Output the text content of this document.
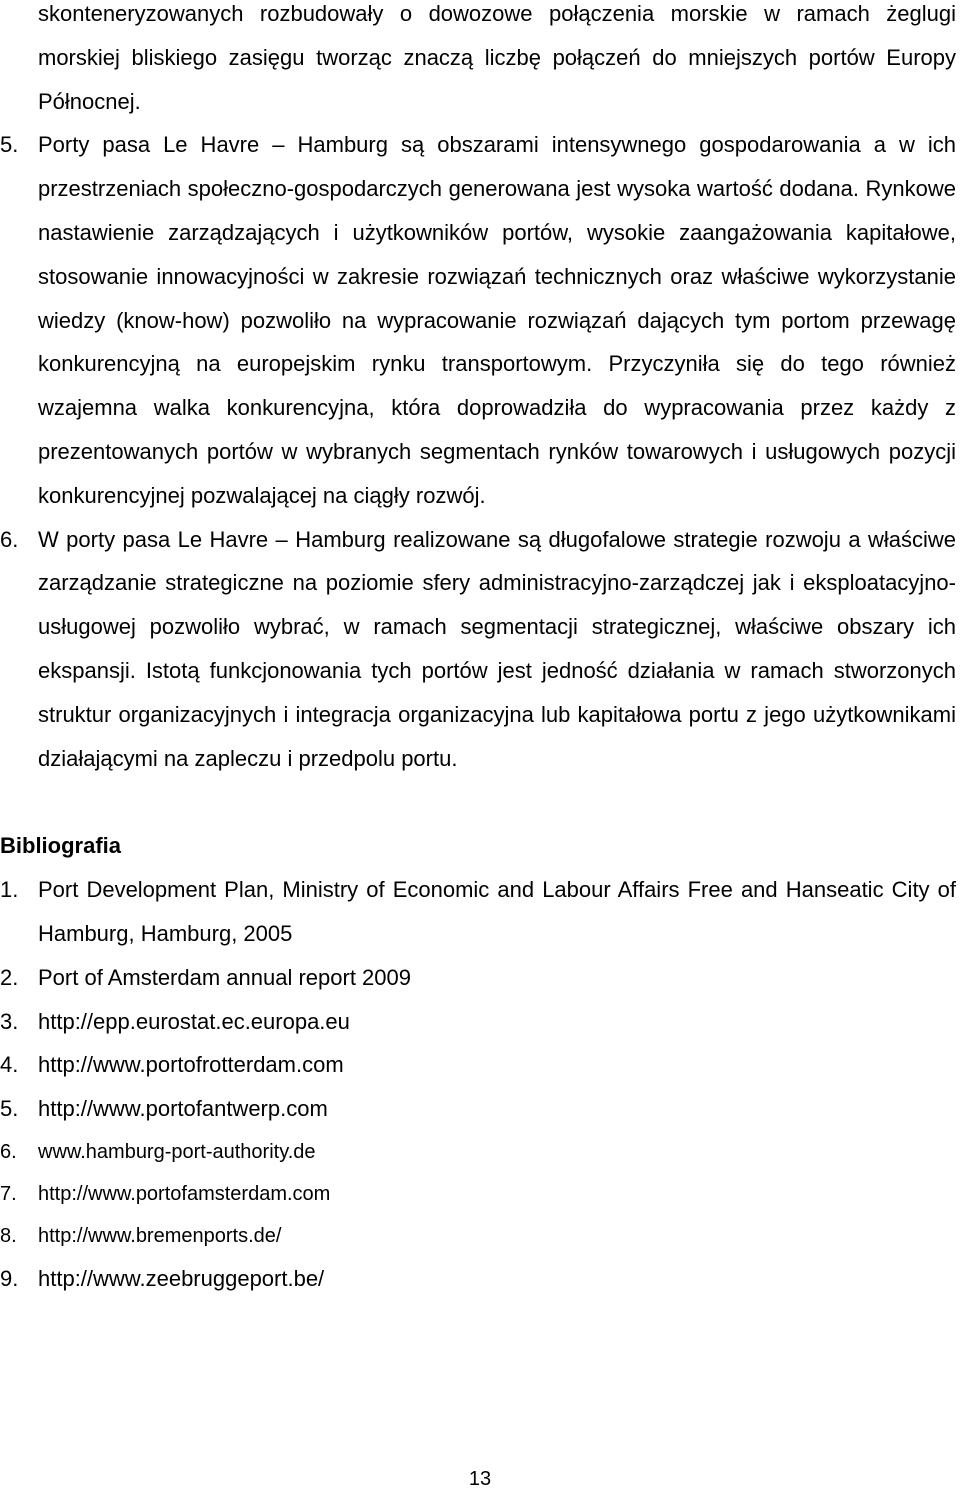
skonteneryzowanych rozbudowały o dowozowe połączenia morskie w ramach żeglugi morskiej bliskiego zasięgu tworząc znaczą liczbę połączeń do mniejszych portów Europy Północnej.

5. Porty pasa Le Havre – Hamburg są obszarami intensywnego gospodarowania a w ich przestrzeniach społeczno-gospodarczych generowana jest wysoka wartość dodana. Rynkowe nastawienie zarządzających i użytkowników portów, wysokie zaangażowania kapitałowe, stosowanie innowacyjności w zakresie rozwiązań technicznych oraz właściwe wykorzystanie wiedzy (know-how) pozwoliło na wypracowanie rozwiązań dających tym portom przewagę konkurencyjną na europejskim rynku transportowym. Przyczyniła się do tego również wzajemna walka konkurencyjna, która doprowadziła do wypracowania przez każdy z prezentowanych portów w wybranych segmentach rynków towarowych i usługowych pozycji konkurencyjnej pozwalającej na ciągły rozwój.
6. W porty pasa Le Havre – Hamburg realizowane są długofalowe strategie rozwoju a właściwe zarządzanie strategiczne na poziomie sfery administracyjno-zarządczej jak i eksploatacyjno-usługowej pozwoliło wybrać, w ramach segmentacji strategicznej, właściwe obszary ich ekspansji. Istotą funkcjonowania tych portów jest jedność działania w ramach stworzonych struktur organizacyjnych i integracja organizacyjna lub kapitałowa portu z jego użytkownikami działającymi na zapleczu i przedpolu portu.
Bibliografia
1. Port Development Plan, Ministry of Economic and Labour Affairs Free and Hanseatic City of Hamburg, Hamburg, 2005
2. Port of Amsterdam annual report 2009
3. http://epp.eurostat.ec.europa.eu
4. http://www.portofrotterdam.com
5. http://www.portofantwerp.com
6. www.hamburg-port-authority.de
7. http://www.portofamsterdam.com
8. http://www.bremenports.de/
9. http://www.zeebruggeport.be/
13
